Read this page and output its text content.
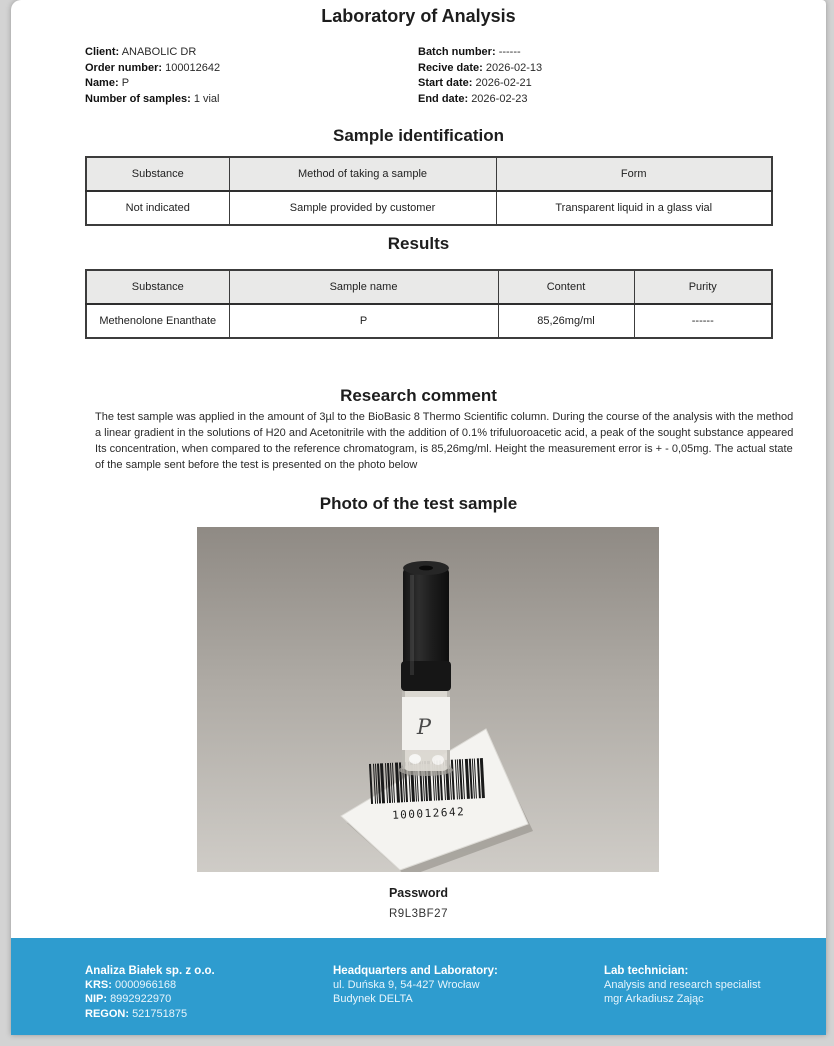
Laboratory of Analysis
Client: ANABOLIC DR
Order number: 100012642
Name: P
Number of samples: 1 vial
Batch number: ------
Recive date: 2026-02-13
Start date: 2026-02-21
End date: 2026-02-23
Sample identification
Substance	Method of taking a sample	Form
Not indicated	Sample provided by customer	Transparent liquid in a glass vial
Results
Substance	Sample name	Content	Purity
Methenolone Enanthate	P	85,26mg/ml	------
Research comment
The test sample was applied in the amount of 3µl to the BioBasic 8 Thermo Scientific column. During the course of the analysis with the method a linear gradient in the solutions of H20 and Acetonitrile with the addition of 0.1% trifuluoroacetic acid, a peak of the sought substance appeared Its concentration, when compared to the reference chromatogram, is 85,26mg/ml. Height the measurement error is + - 0,05mg. The actual state of the sample sent before the test is presented on the photo below
Photo of the test sample
100012642
P
Password
R9L3BF27
Analiza Białek sp. z o.o.
KRS: 0000966168
NIP: 8992922970
REGON: 521751875
Headquarters and Laboratory:
ul. Duńska 9, 54-427 Wrocław
Budynek DELTA
Lab technician:
Analysis and research specialist
mgr Arkadiusz Zając
